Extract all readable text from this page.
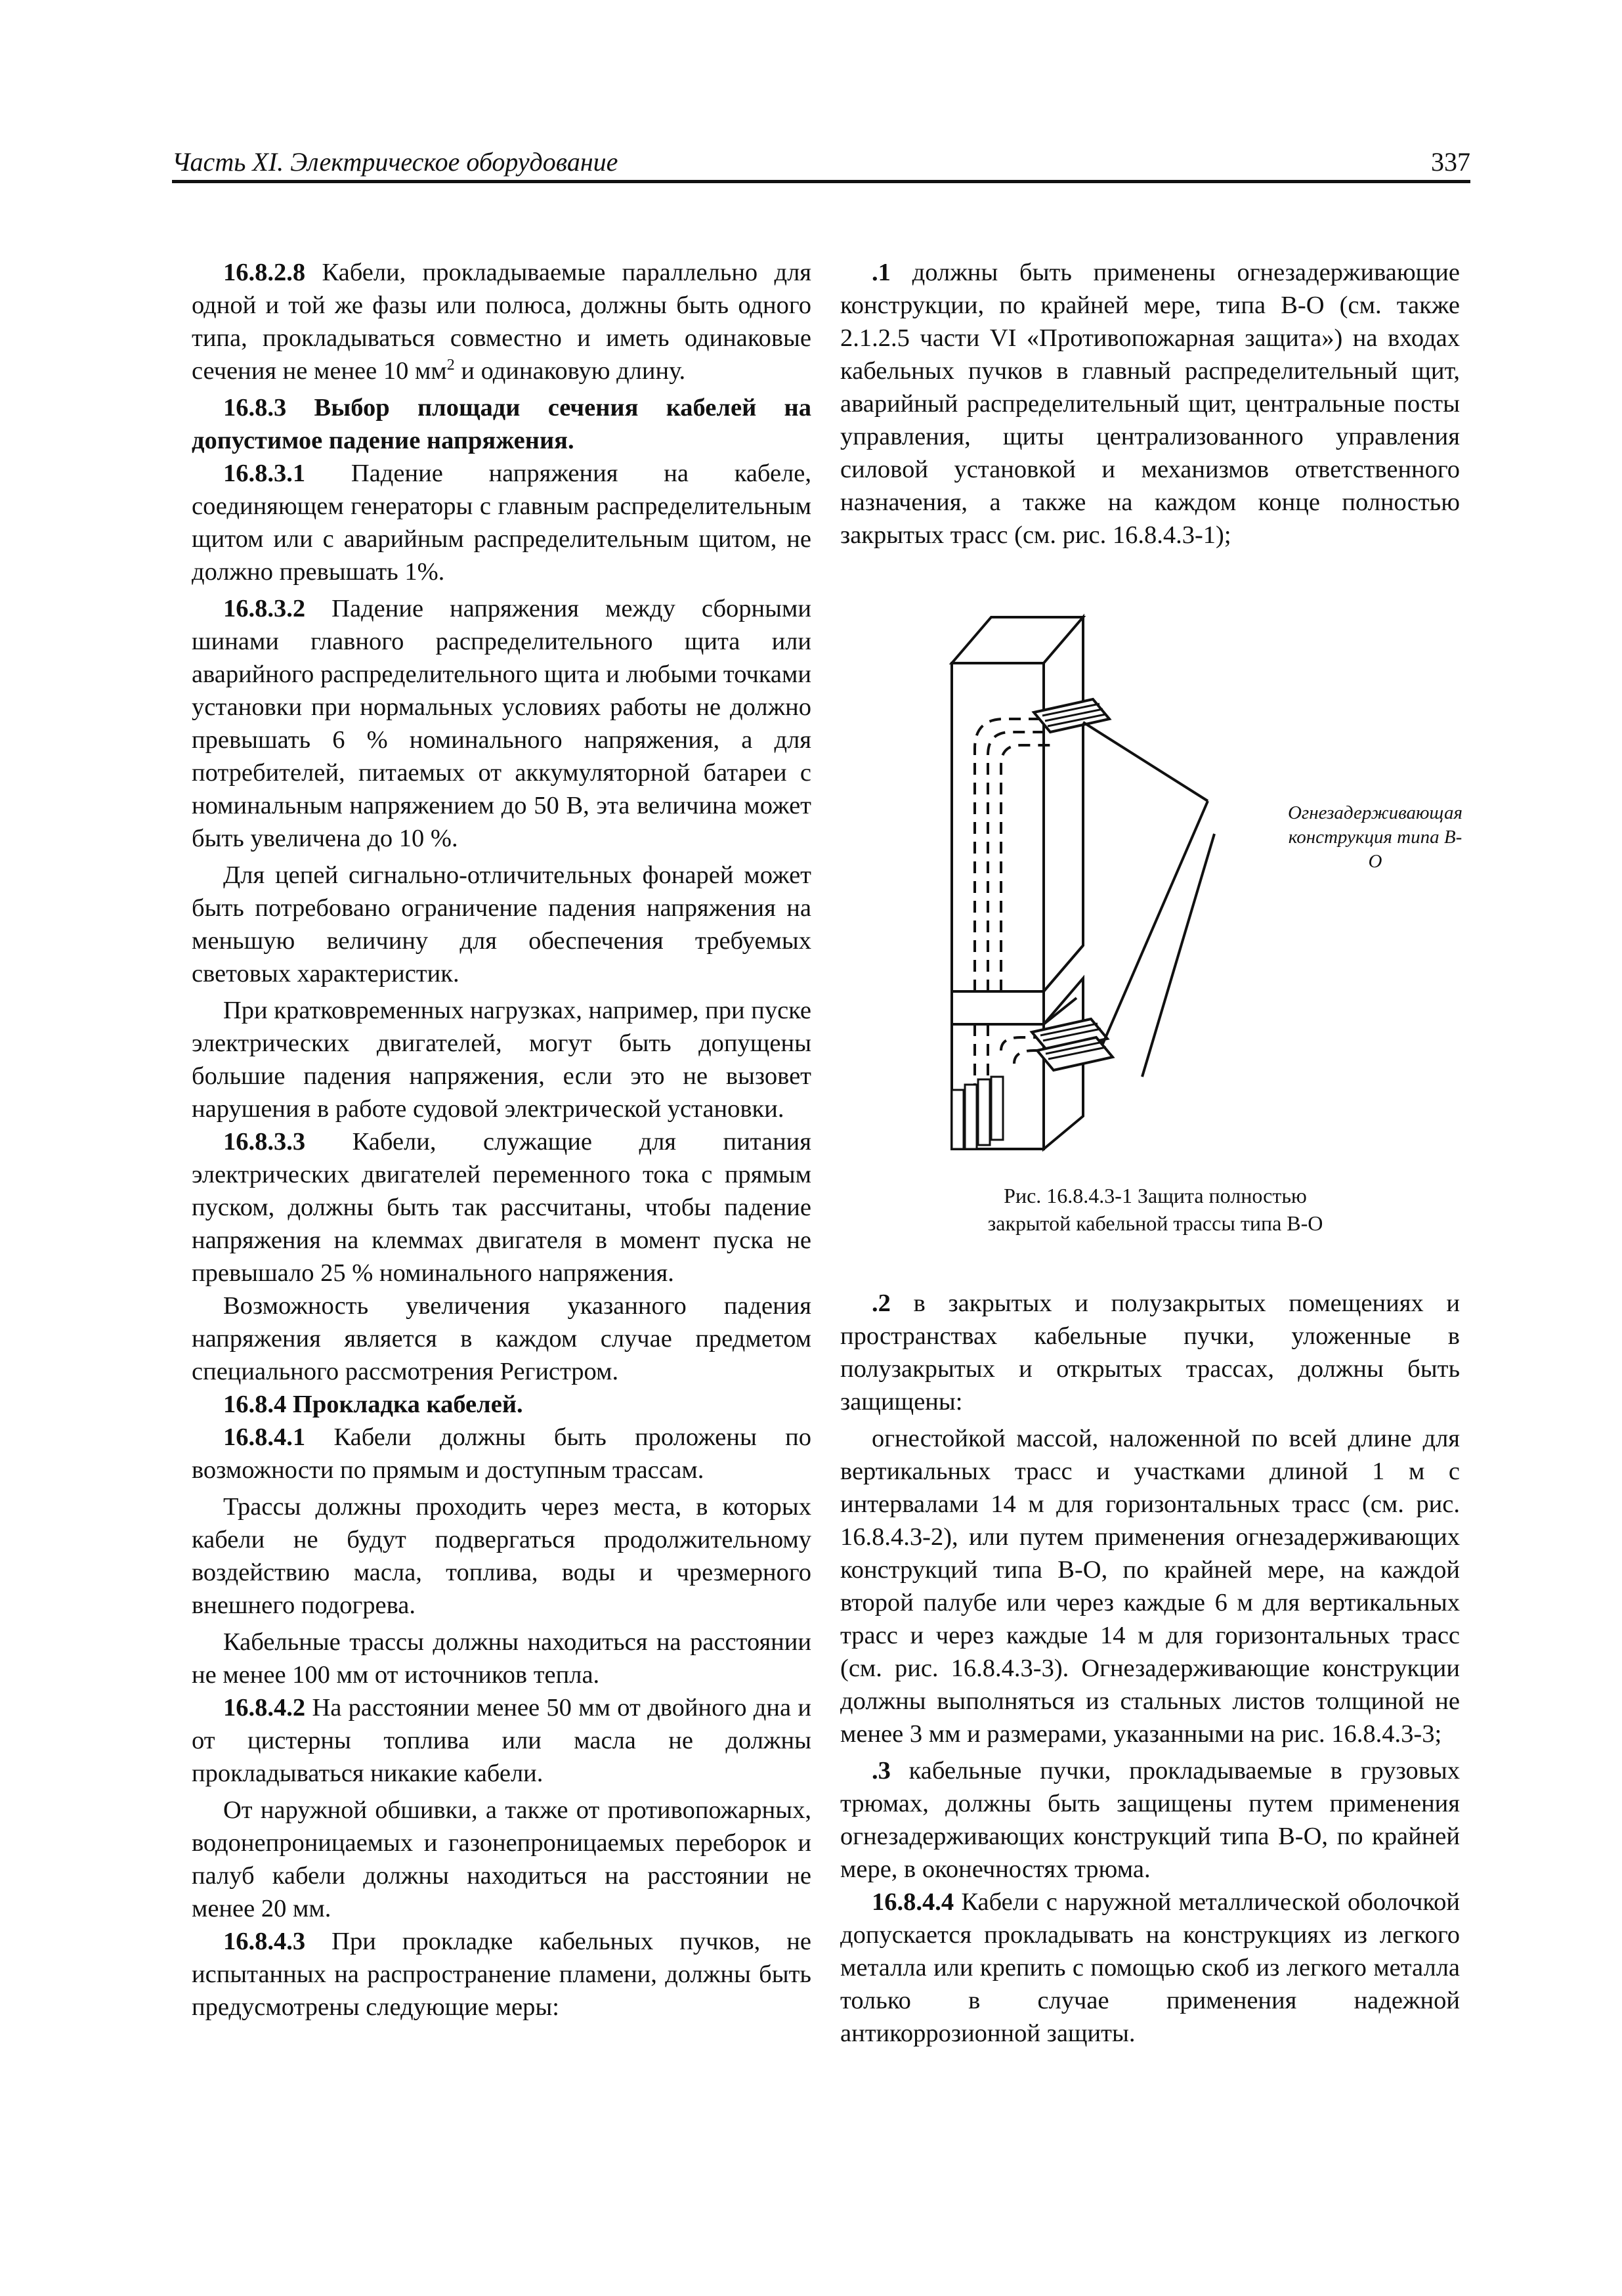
Часть XI. Электрическое оборудование	337

16.8.2.8 Кабели, прокладываемые параллельно для одной и той же фазы или полюса, должны быть одного типа, прокладываться совместно и иметь одинаковые сечения не менее 10 $мм^2$ и одинаковую длину.

16.8.3 Выбор площади сечения кабелей на допустимое падение напряжения.

16.8.3.1 Падение напряжения на кабеле, соединяющем генераторы с главным распределительным щитом или с аварийным распределительным щитом, не должно превышать 1%.

16.8.3.2 Падение напряжения между сборными шинами главного распределительного щита или аварийного распределительного щита и любыми точками установки при нормальных условиях работы не должно превышать 6 % номинального напряжения, а для потребителей, питаемых от аккумуляторной батареи с номинальным напряжением до 50 В, эта величина может быть увеличена до 10 %.

Для цепей сигнально-отличительных фонарей может быть потребовано ограничение падения напряжения на меньшую величину для обеспечения требуемых световых характеристик.

При кратковременных нагрузках, например, при пуске электрических двигателей, могут быть допущены большие падения напряжения, если это не вызовет нарушения в работе судовой электрической установки.

16.8.3.3 Кабели, служащие для питания электрических двигателей переменного тока с прямым пуском, должны быть так рассчитаны, чтобы падение напряжения на клеммах двигателя в момент пуска не превышало 25 % номинального напряжения.

Возможность увеличения указанного падения напряжения является в каждом случае предметом специального рассмотрения Регистром.

16.8.4 Прокладка кабелей.

16.8.4.1 Кабели должны быть проложены по возможности по прямым и доступным трассам.

Трассы должны проходить через места, в которых кабели не будут подвергаться продолжительному воздействию масла, топлива, воды и чрезмерного внешнего подогрева.

Кабельные трассы должны находиться на расстоянии не менее 100 мм от источников тепла.

16.8.4.2 На расстоянии менее 50 мм от двойного дна и от цистерны топлива или масла не должны прокладываться никакие кабели.

От наружной обшивки, а также от противопожарных, водонепроницаемых и газонепроницаемых переборок и палуб кабели должны находиться на расстоянии не менее 20 мм.

16.8.4.3 При прокладке кабельных пучков, не испытанных на распространение пламени, должны быть предусмотрены следующие меры:

.1 должны быть применены огнезадерживающие конструкции, по крайней мере, типа В-О (см. также 2.1.2.5 части VI «Противопожарная защита») на входах кабельных пучков в главный распределительный щит, аварийный распределительный щит, центральные посты управления, щиты централизованного управления силовой установкой и механизмов ответственного назначения, а также на каждом конце полностью закрытых трасс (см. рис. 16.8.4.3-1);

Огнезадерживающая конструкция типа В-О
Рис. 16.8.4.3-1 Защита полностью
закрытой кабельной трассы типа В-О

.2 в закрытых и полузакрытых помещениях и пространствах кабельные пучки, уложенные в полузакрытых и открытых трассах, должны быть защищены:

огнестойкой массой, наложенной по всей длине для вертикальных трасс и участками длиной 1 м с интервалами 14 м для горизонтальных трасс (см. рис. 16.8.4.3-2), или путем применения огнезадерживающих конструкций типа В-О, по крайней мере, на каждой второй палубе или через каждые 6 м для вертикальных трасс и через каждые 14 м для горизонтальных трасс (см. рис. 16.8.4.3-3). Огнезадерживающие конструкции должны выполняться из стальных листов толщиной не менее 3 мм и размерами, указанными на рис. 16.8.4.3-3;

.3 кабельные пучки, прокладываемые в грузовых трюмах, должны быть защищены путем применения огнезадерживающих конструкций типа В-О, по крайней мере, в оконечностях трюма.

16.8.4.4 Кабели с наружной металлической оболочкой допускается прокладывать на конструкциях из легкого металла или крепить с помощью скоб из легкого металла только в случае применения надежной антикоррозионной защиты.
